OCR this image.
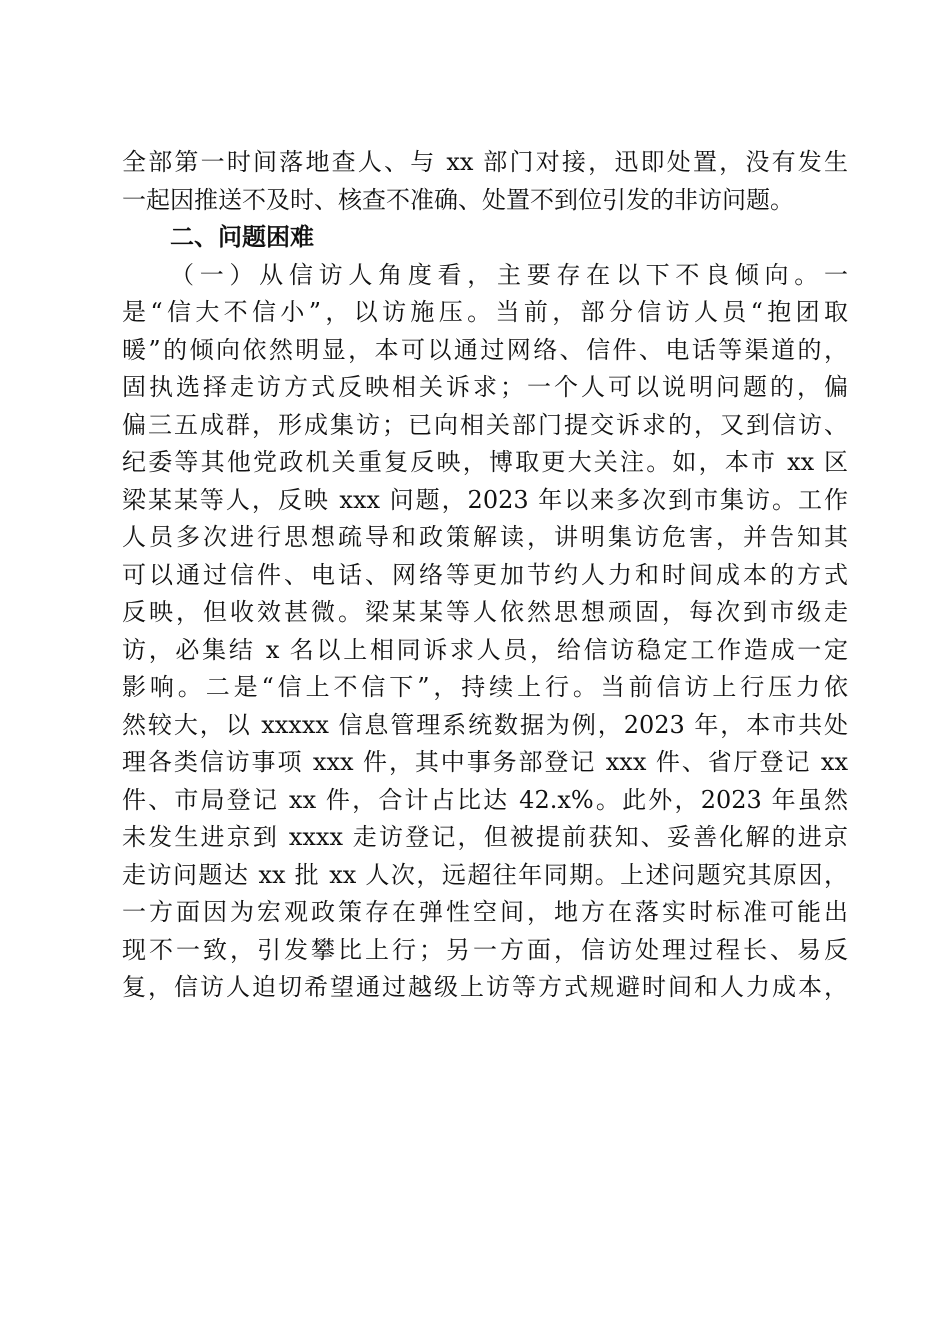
全部第一时间落地查人、与 xx 部门对接，迅即处置，没有发生
一起因推送不及时、核查不准确、处置不到位引发的非访问题。
二、问题困难
（一）从信访人角度看，主要存在以下不良倾向。一
是“信大不信小”，以访施压。当前，部分信访人员“抱团取
暖”的倾向依然明显，本可以通过网络、信件、电话等渠道的，
固执选择走访方式反映相关诉求；一个人可以说明问题的，偏
偏三五成群，形成集访；已向相关部门提交诉求的，又到信访、
纪委等其他党政机关重复反映，博取更大关注。如，本市 xx 区
梁某某等人，反映 xxx 问题，2023 年以来多次到市集访。工作
人员多次进行思想疏导和政策解读，讲明集访危害，并告知其
可以通过信件、电话、网络等更加节约人力和时间成本的方式
反映，但收效甚微。梁某某等人依然思想顽固，每次到市级走
访，必集结 x 名以上相同诉求人员，给信访稳定工作造成一定
影响。二是“信上不信下”，持续上行。当前信访上行压力依
然较大，以 xxxxx 信息管理系统数据为例，2023 年，本市共处
理各类信访事项 xxx 件，其中事务部登记 xxx 件、省厅登记 xx
件、市局登记 xx 件，合计占比达 42.x%。此外，2023 年虽然
未发生进京到 xxxx 走访登记，但被提前获知、妥善化解的进京
走访问题达 xx 批 xx 人次，远超往年同期。上述问题究其原因，
一方面因为宏观政策存在弹性空间，地方在落实时标准可能出
现不一致，引发攀比上行；另一方面，信访处理过程长、易反
复，信访人迫切希望通过越级上访等方式规避时间和人力成本，
